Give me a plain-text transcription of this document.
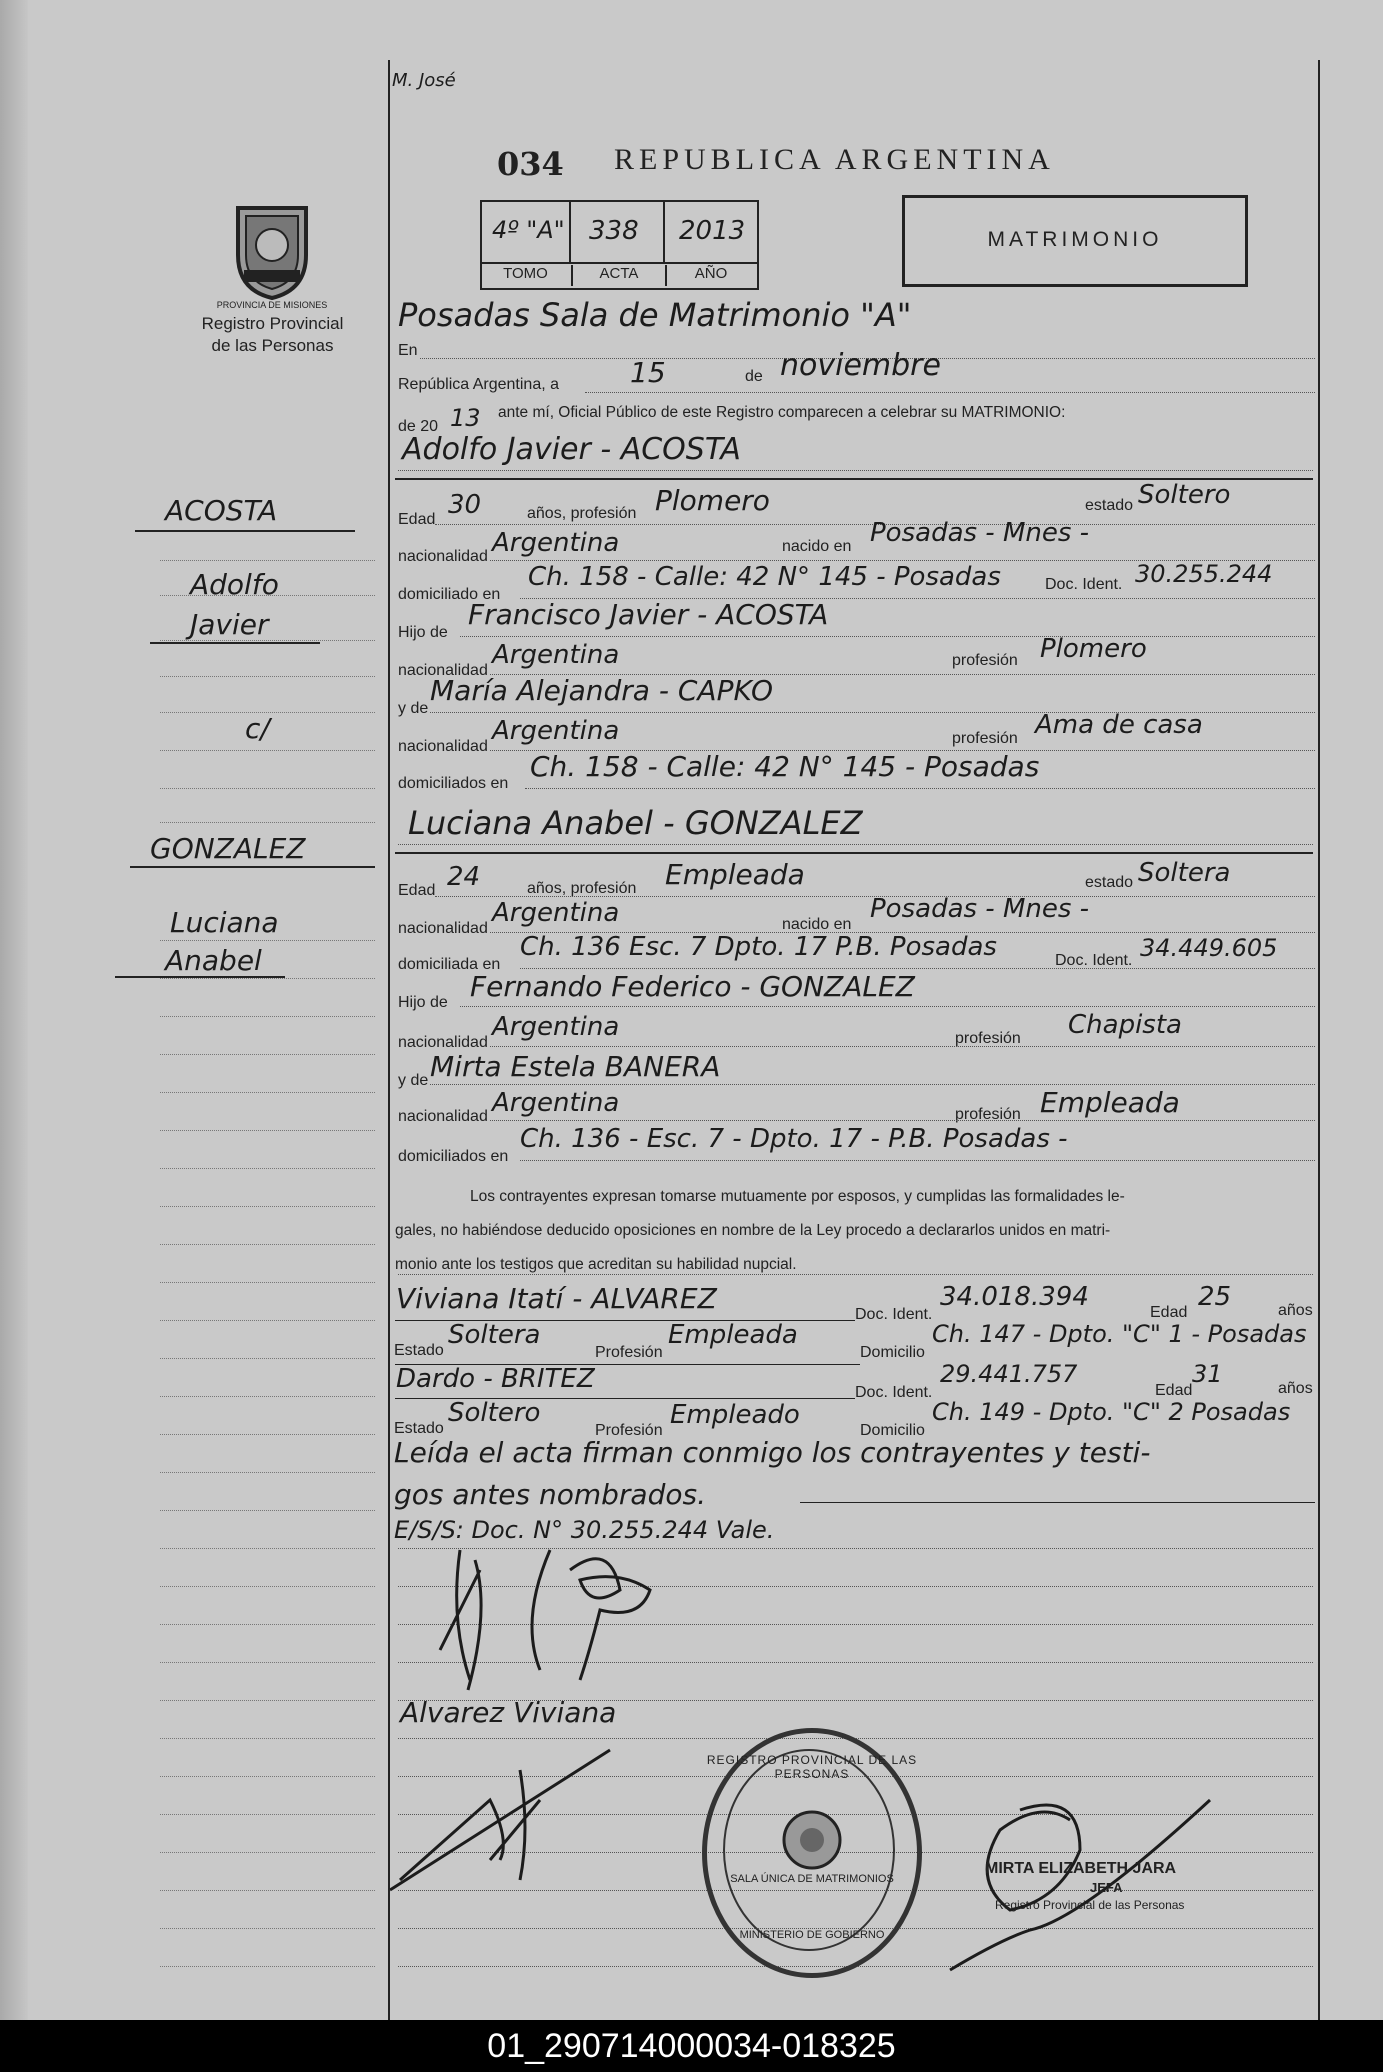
M. José
034 REPUBLICA ARGENTINA
4º "A" 338 2013
TOMO	ACTA	AÑO
MATRIMONIO
PROVINCIA DE MISIONES
Registro Provincial
de las Personas
ACOSTA
Adolfo
Javier
c/
GONZALEZ
Luciana
Anabel
En
Posadas Sala de Matrimonio "A"
República Argentina, a	15	de noviembre
de 20 13 ante mí, Oficial Público de este Registro comparecen a celebrar su MATRIMONIO:
Adolfo Javier - ACOSTA
Edad 30	años, profesión Plomero	estado Soltero
nacionalidad Argentina	nacido en Posadas - Mnes -
domiciliado en
Ch. 158 - Calle: 42 N° 145 - Posadas	Doc. Ident. 30.255.244
Hijo de
Francisco Javier - ACOSTA
nacionalidad
Argentina	profesión Plomero
y de
María Alejandra - CAPKO
nacionalidad
Argentina	profesión Ama de casa
domiciliados en
Ch. 158 - Calle: 42 N° 145 - Posadas
Luciana Anabel - GONZALEZ
Edad 24	años, profesión Empleada	estado Soltera
nacionalidad
Argentina	nacido en
Posadas - Mnes -
domiciliada en
Ch. 136 Esc. 7 Dpto. 17 P.B. Posadas	Doc. Ident. 34.449.605
Hijo de Fernando Federico - GONZALEZ
nacionalidad
Argentina	profesión Chapista
y de Mirta Estela BANERA
nacionalidad Argentina	profesión Empleada
domiciliados en
Ch. 136 - Esc. 7 - Dpto. 17 - P.B. Posadas -
Los contrayentes expresan tomarse mutuamente por esposos, y cumplidas las formalidades le-
gales, no habiéndose deducido oposiciones en nombre de la Ley procedo a declararlos unidos en matri-
monio ante los testigos que acreditan su habilidad nupcial.
Viviana Itatí - ALVAREZ	Doc. Ident.
34.018.394
Edad
25	años
Estado
Soltera
Profesión
Empleada
Domicilio
Ch. 147 - Dpto. "C" 1 - Posadas
Dardo - BRITEZ	Doc. Ident.
29.441.757
Edad
31
años
Estado
Soltero
Profesión
Empleado
Domicilio
Ch. 149 - Dpto. "C" 2 Posadas
Leída el acta firman conmigo los contrayentes y testi-
gos antes nombrados.
E/S/S: Doc. N° 30.255.244 Vale.
Alvarez Viviana
REGISTRO PROVINCIAL DE LAS PERSONAS
SALA ÚNICA DE MATRIMONIOS
MINISTERIO DE GOBIERNO
MIRTA ELIZABETH JARA
JEFA
Registro Provincial de las Personas
01_290714000034-018325
